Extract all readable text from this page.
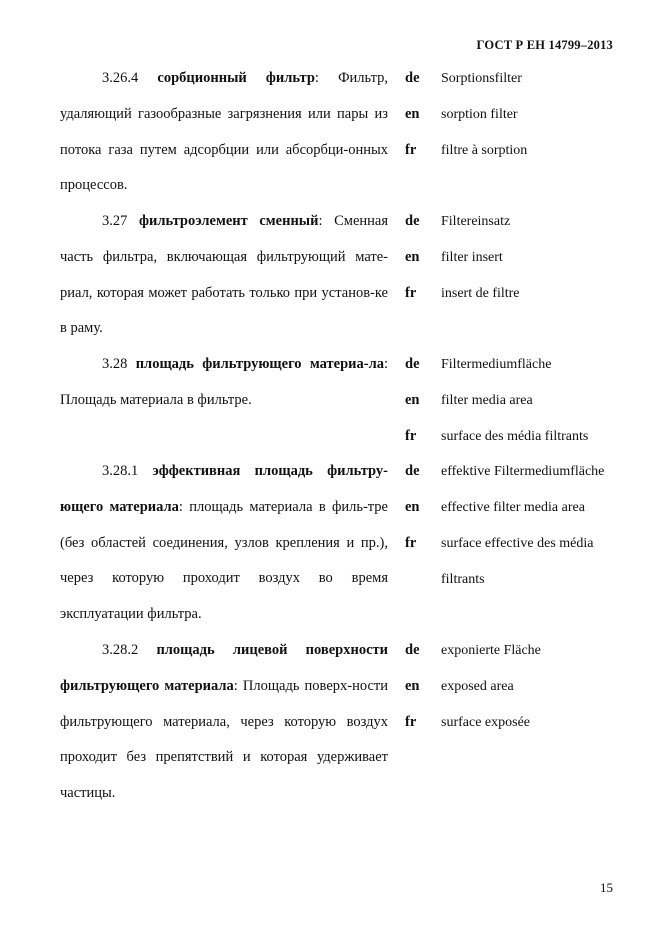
ГОСТ Р ЕН 14799–2013
3.26.4 сорбционный фильтр: Фильтр, удаляющий газообразные загрязнения или пары из потока газа путем адсорбции или абсорбци-онных процессов.
de	Sorptionsfilter
en	sorption filter
fr	filtre à sorption
3.27 фильтроэлемент сменный: Сменная часть фильтра, включающая фильтрующий мате-риал, которая может работать только при установ-ке в раму.
de	Filtereinsatz
en	filter insert
fr	insert de filtre
3.28 площадь фильтрующего материа-ла: Площадь материала в фильтре.
de	Filtermediumfläche
en	filter media area
fr	surface des média filtrants
3.28.1 эффективная площадь фильтру-ющего материала: площадь материала в филь-тре (без областей соединения, узлов крепления и пр.), через которую проходит воздух во время эксплуатации фильтра.
de	effektive Filtermediumfläche
en	effective filter media area
fr	surface effective des média filtrants
3.28.2 площадь лицевой поверхности фильтрующего материала: Площадь поверх-ности фильтрующего материала, через которую воздух проходит без препятствий и которая удерживает частицы.
de	exponierte Fläche
en	exposed area
fr	surface exposée
15
